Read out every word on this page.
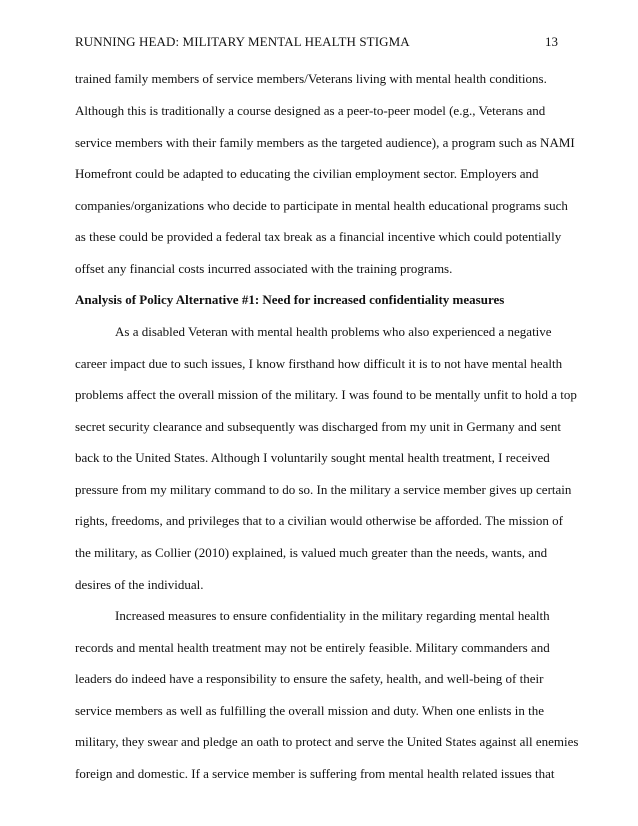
RUNNING HEAD: MILITARY MENTAL HEALTH STIGMA	13
trained family members of service members/Veterans living with mental health conditions.
Although this is traditionally a course designed as a peer-to-peer model (e.g., Veterans and
service members with their family members as the targeted audience), a program such as NAMI
Homefront could be adapted to educating the civilian employment sector. Employers and
companies/organizations who decide to participate in mental health educational programs such
as these could be provided a federal tax break as a financial incentive which could potentially
offset any financial costs incurred associated with the training programs.
Analysis of Policy Alternative #1: Need for increased confidentiality measures
As a disabled Veteran with mental health problems who also experienced a negative
career impact due to such issues, I know firsthand how difficult it is to not have mental health
problems affect the overall mission of the military. I was found to be mentally unfit to hold a top
secret security clearance and subsequently was discharged from my unit in Germany and sent
back to the United States. Although I voluntarily sought mental health treatment, I received
pressure from my military command to do so. In the military a service member gives up certain
rights, freedoms, and privileges that to a civilian would otherwise be afforded. The mission of
the military, as Collier (2010) explained, is valued much greater than the needs, wants, and
desires of the individual.
Increased measures to ensure confidentiality in the military regarding mental health
records and mental health treatment may not be entirely feasible. Military commanders and
leaders do indeed have a responsibility to ensure the safety, health, and well-being of their
service members as well as fulfilling the overall mission and duty. When one enlists in the
military, they swear and pledge an oath to protect and serve the United States against all enemies
foreign and domestic. If a service member is suffering from mental health related issues that
